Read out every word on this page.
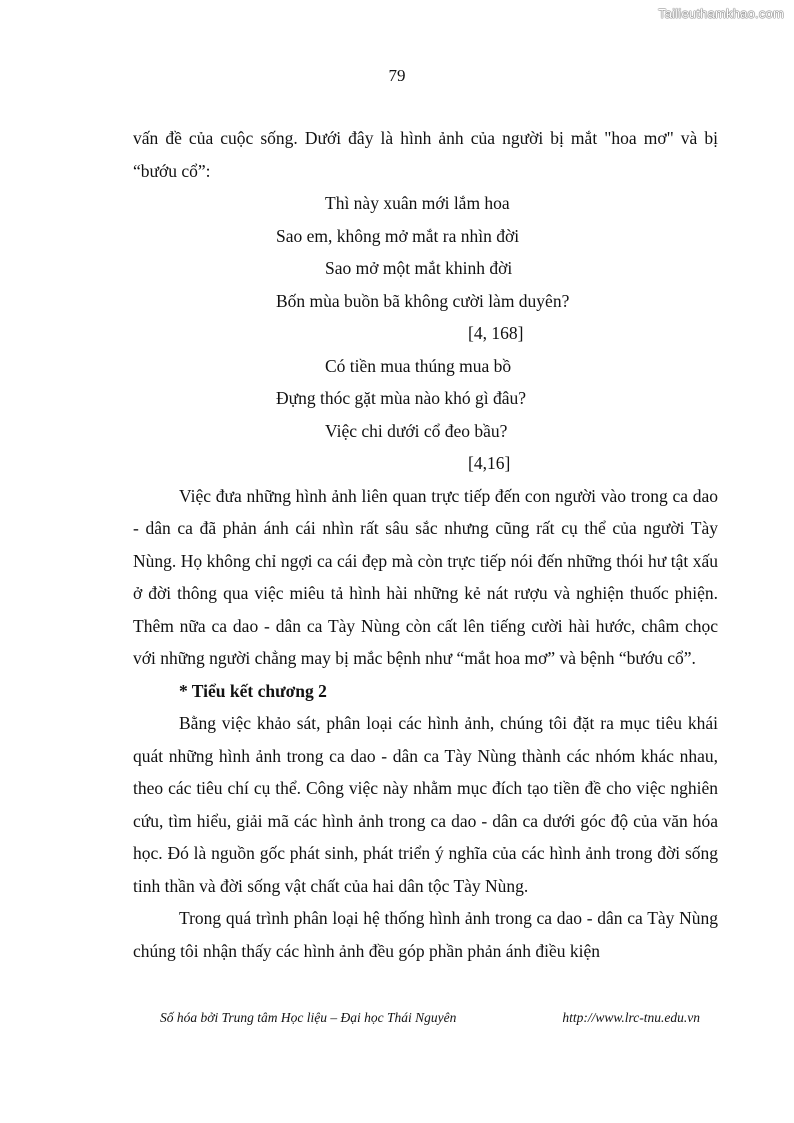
Tailieuthamkhao.com
79

vấn đề của cuộc sống. Dưới đây là hình ảnh của người bị mắt "hoa mơ" và bị “bướu cổ”:

Thì này xuân mới lắm hoa
Sao em, không mở mắt ra nhìn đời
Sao mở một mắt khinh đời
Bốn mùa buồn bã không cười làm duyên?
[4, 168]
Có tiền mua thúng mua bồ
Đựng thóc gặt mùa nào khó gì đâu?
Việc chi dưới cổ đeo bầu?
[4,16]

Việc đưa những hình ảnh liên quan trực tiếp đến con người vào trong ca dao - dân ca đã phản ánh cái nhìn rất sâu sắc nhưng cũng rất cụ thể của người Tày Nùng. Họ không chỉ ngợi ca cái đẹp mà còn trực tiếp nói đến những thói hư tật xấu ở đời thông qua việc miêu tả hình hài những kẻ nát rượu và nghiện thuốc phiện. Thêm nữa ca dao - dân ca Tày Nùng còn cất lên tiếng cười hài hước, châm chọc với những người chẳng may bị mắc bệnh như “mắt hoa mơ” và bệnh “bướu cổ”.

* Tiểu kết chương 2

Bằng việc khảo sát, phân loại các hình ảnh, chúng tôi đặt ra mục tiêu khái quát những hình ảnh trong ca dao - dân ca Tày Nùng thành các nhóm khác nhau, theo các tiêu chí cụ thể. Công việc này nhằm mục đích tạo tiền đề cho việc nghiên cứu, tìm hiểu, giải mã các hình ảnh trong ca dao - dân ca dưới góc độ của văn hóa học. Đó là nguồn gốc phát sinh, phát triển ý nghĩa của các hình ảnh trong đời sống tinh thần và đời sống vật chất của hai dân tộc Tày Nùng.

Trong quá trình phân loại hệ thống hình ảnh trong ca dao - dân ca Tày Nùng chúng tôi nhận thấy các hình ảnh đều góp phần phản ánh điều kiện

Số hóa bởi Trung tâm Học liệu – Đại học Thái Nguyên	http://www.lrc-tnu.edu.vn
